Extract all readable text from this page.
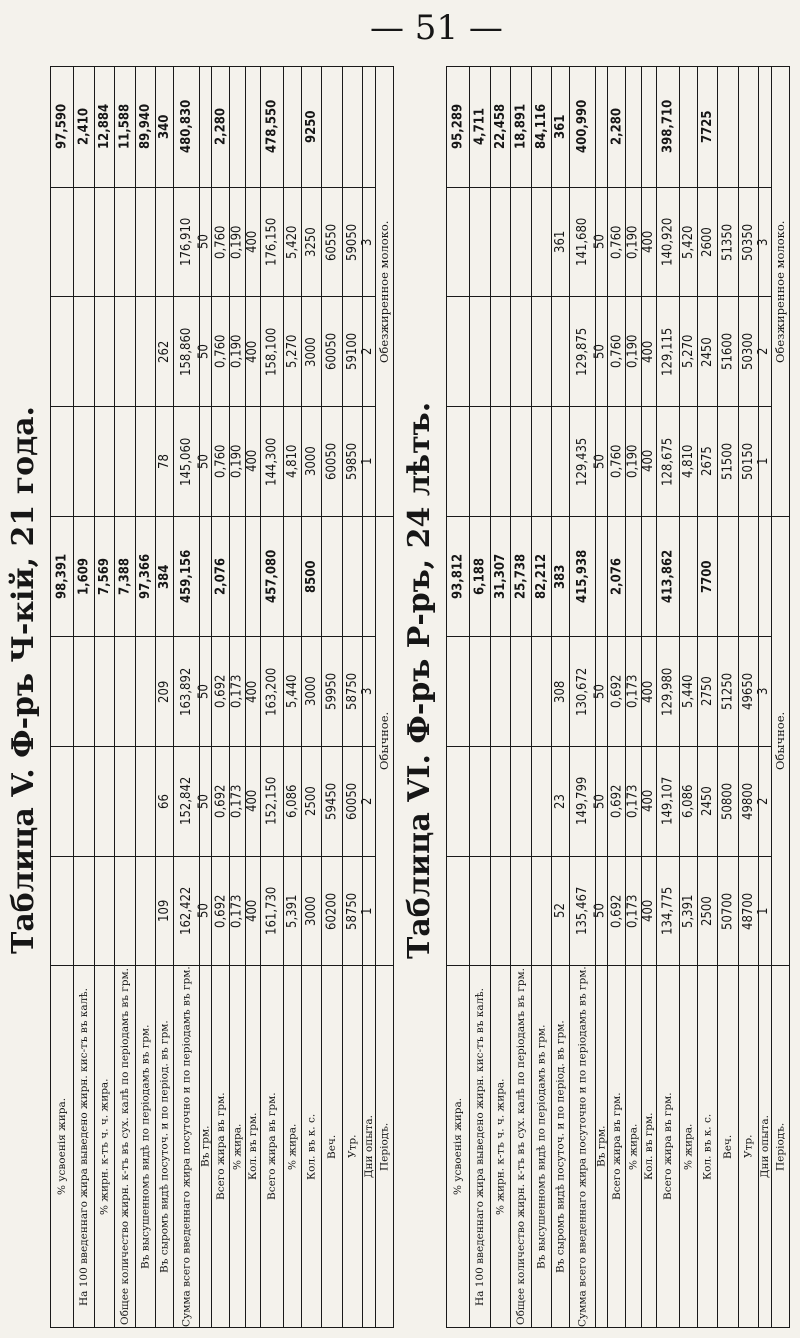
— 51 —
Таблица V. Ф-ръ Ч-кій, 21 года.	Таблица VI. Ф-ръ Р-ръ, 24 лѣтъ.
Періодъ.	Дни опыта.	Утр.	Веч.	Кол. въ к. с.	% жира.	Всего жира въ грм.	Кол. въ грм.	% жира.	Всего жира въ грм.	Въ грм.	Сумма всего введеннаго жира посуточно и по періодамъ въ грм.	Въ сыромъ видѣ посуточ. и по період. въ грм.	Въ высушенномъ видѣ по періодамъ въ грм.	Общее количество жирн. к-тъ въ сух. калѣ по періодамъ въ грм.	% жирн. к-тъ ч. ч. жира.	На 100 введеннаго жира выведено жирн. кис-тъ въ калѣ.	% усвоенія жира.

Обычное.	1	58750	60200	3000	5,391	161,730	400	0,173	0,692	50	162,422	109					

	2	60050	59450	2500	6,086	152,150	400	0,173	0,692	50	152,842	66					

	3	58750	59950	3000	5,440	163,200	400	0,173	0,692	50	163,892	209					

				8500		457,080			2,076		459,156	384	97,366	7,388	7,569	1,609	98,391

Обезжиренное молоко.	1	59850	60050	3000	4,810	144,300	400	0,190	0,760	50	145,060	78					

	2	59100	60050	3000	5,270	158,100	400	0,190	0,760	50	158,860	262					

	3	59050	60550	3250	5,420	176,150	400	0,190	0,760	50	176,910						

				9250		478,550			2,280		480,830	340	89,940	11,588	12,884	2,410	97,590
Періодъ.	Дни опыта.	Утр.	Веч.	Кол. въ к. с.	% жира.	Всего жира въ грм.	Кол. въ грм.	% жира.	Всего жира въ грм.	Въ грм.	Сумма всего введеннаго жира посуточно и по періодамъ въ грм.	Въ сыромъ видѣ посуточ. и по період. въ грм.	Въ высушенномъ видѣ по періодамъ въ грм.	Общее количество жирн. к-тъ въ сух. калѣ по періодамъ въ грм.	% жирн. к-тъ ч. ч. жира.	На 100 введеннаго жира выведено жирн. кис-тъ въ калѣ.	% усвоенія жира.

Обычное.	1	48700	50700	2500	5,391	134,775	400	0,173	0,692	50	135,467	52					

	2	49800	50800	2450	6,086	149,107	400	0,173	0,692	50	149,799	23					

	3	49650	51250	2750	5,440	129,980	400	0,173	0,692	50	130,672	308					

				7700		413,862			2,076		415,938	383	82,212	25,738	31,307	6,188	93,812

Обезжиренное молоко.	1	50150	51500	2675	4,810	128,675	400	0,190	0,760	50	129,435						

	2	50300	51600	2450	5,270	129,115	400	0,190	0,760	50	129,875						

	3	50350	51350	2600	5,420	140,920	400	0,190	0,760	50	141,680	361					

				7725		398,710			2,280		400,990	361	84,116	18,891	22,458	4,711	95,289
